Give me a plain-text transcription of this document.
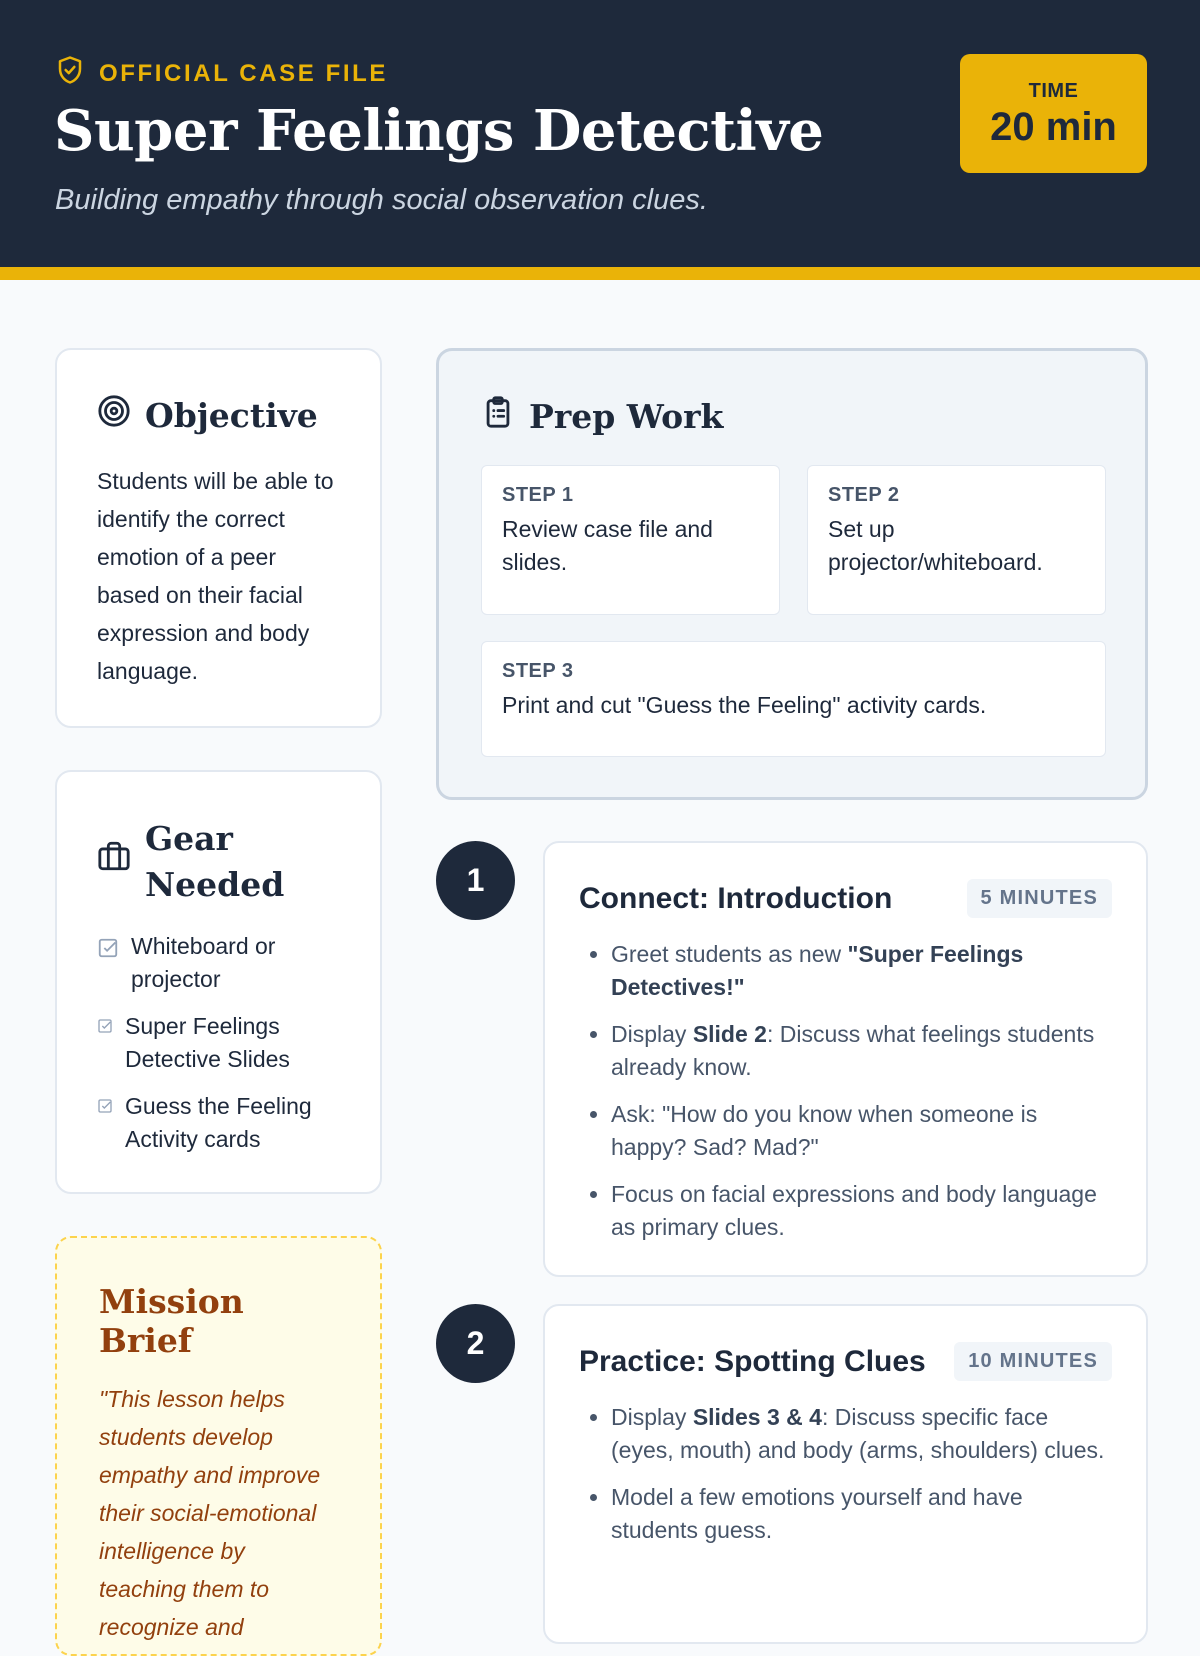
OFFICIAL CASE FILE
Super Feelings Detective
Building empathy through social observation clues.
TIME
20 min
Objective

Students will be able to identify the correct emotion of a peer based on their facial expression and body language.

Gear
Needed
Whiteboard or projector
Super Feelings Detective Slides
Guess the Feeling Activity cards
Mission Brief

"This lesson helps students develop empathy and improve their social-emotional intelligence by teaching them to recognize and

Prep Work
STEP 1
Review case file and slides.
STEP 2
Set up projector/whiteboard.
STEP 3
Print and cut "Guess the Feeling" activity cards.
1	Connect: Introduction	5 MINUTES
• Greet students as new "Super Feelings Detectives!"
• Display Slide 2: Discuss what feelings students already know.
• Ask: "How do you know when someone is happy? Sad? Mad?"
• Focus on facial expressions and body language as primary clues.
2	Practice: Spotting Clues	10 MINUTES
• Display Slides 3 & 4: Discuss specific face (eyes, mouth) and body (arms, shoulders) clues.
• Model a few emotions yourself and have students guess.
